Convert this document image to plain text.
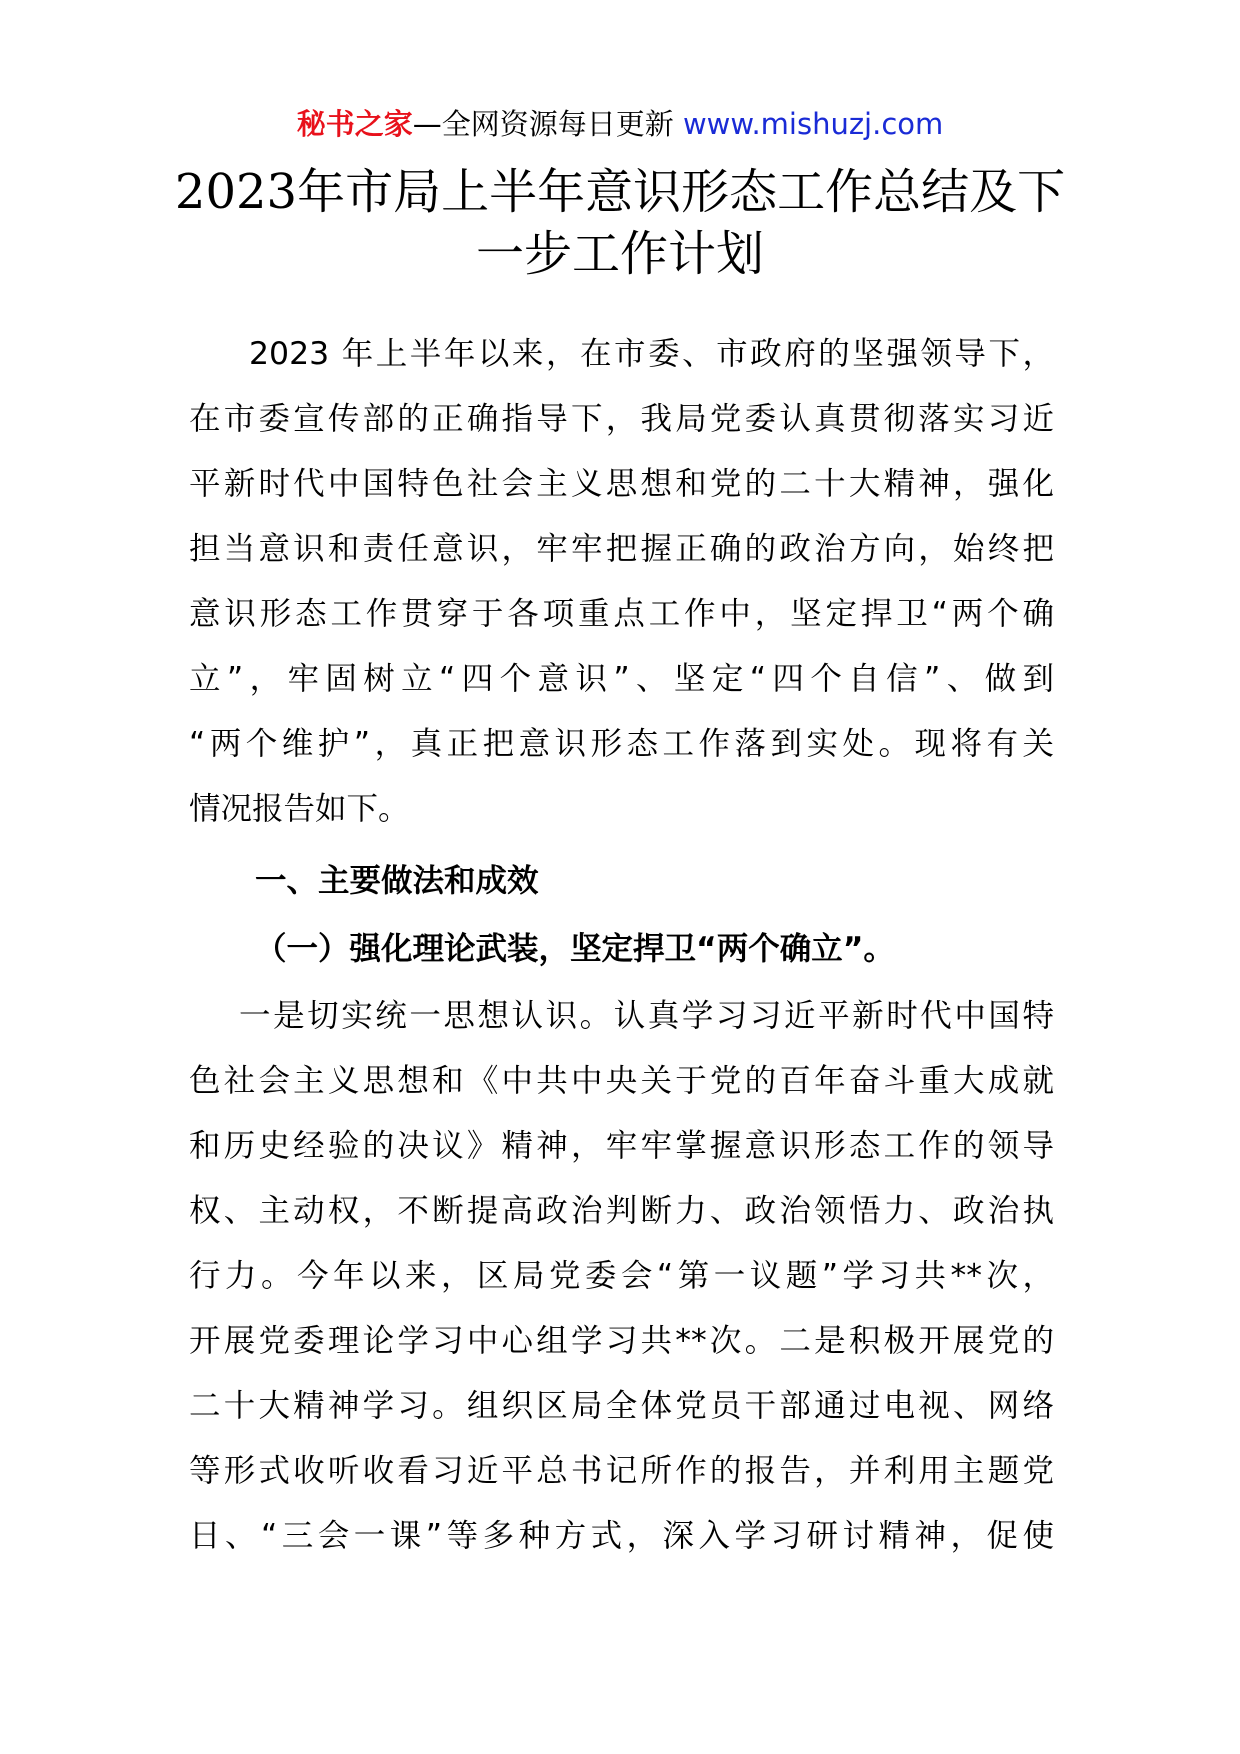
秘书之家—全网资源每日更新 www.mishuzj.com
2023年市局上半年意识形态工作总结及下
一步工作计划
2023 年上半年以来，在市委、市政府的坚强领导下，
在市委宣传部的正确指导下，我局党委认真贯彻落实习近
平新时代中国特色社会主义思想和党的二十大精神，强化
担当意识和责任意识，牢牢把握正确的政治方向，始终把
意识形态工作贯穿于各项重点工作中，坚定捍卫“两个确
立”，牢固树立“四个意识”、坚定“四个自信”、做到
“两个维护”，真正把意识形态工作落到实处。现将有关
情况报告如下。
一、主要做法和成效
（一）强化理论武装，坚定捍卫“两个确立”。
一是切实统一思想认识。认真学习习近平新时代中国特
色社会主义思想和《中共中央关于党的百年奋斗重大成就
和历史经验的决议》精神，牢牢掌握意识形态工作的领导
权、主动权，不断提高政治判断力、政治领悟力、政治执
行力。今年以来，区局党委会“第一议题”学习共**次，
开展党委理论学习中心组学习共**次。二是积极开展党的
二十大精神学习。组织区局全体党员干部通过电视、网络
等形式收听收看习近平总书记所作的报告，并利用主题党
日、“三会一课”等多种方式，深入学习研讨精神，促使
